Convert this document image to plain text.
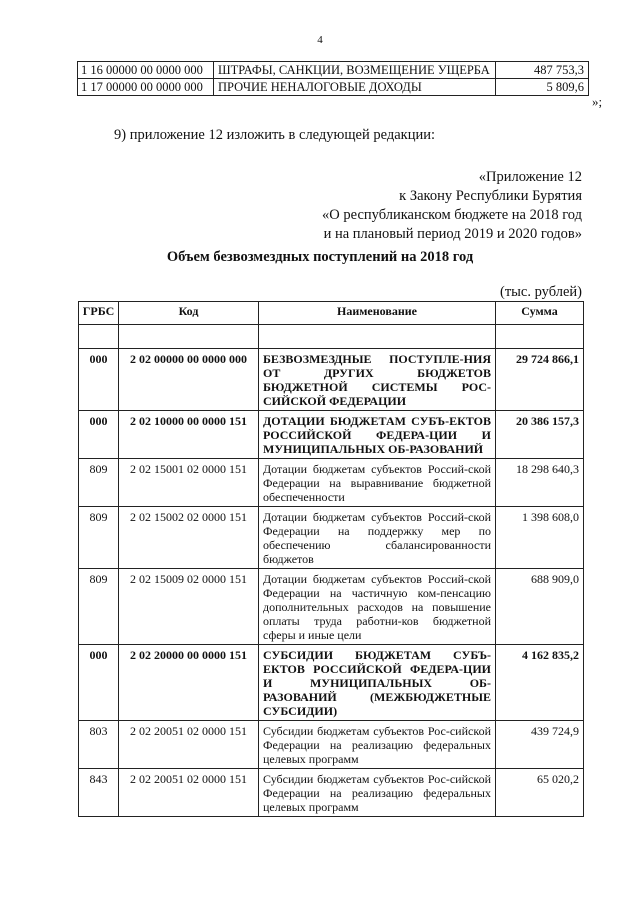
4
1 16 00000 00 0000 000	ШТРАФЫ, САНКЦИИ, ВОЗМЕЩЕНИЕ УЩЕРБА	487 753,3
1 17 00000 00 0000 000	ПРОЧИЕ НЕНАЛОГОВЫЕ ДОХОДЫ	5 809,6
»;
9) приложение 12 изложить в следующей редакции:
«Приложение 12
к Закону Республики Бурятия
«О республиканском бюджете на 2018 год
и на плановый период 2019 и 2020 годов»
Объем безвозмездных поступлений на 2018 год
(тыс. рублей)
ГРБС	Код	Наименование	Сумма

000	2 02 00000 00 0000 000	БЕЗВОЗМЕЗДНЫЕ ПОСТУПЛЕ-НИЯ ОТ ДРУГИХ БЮДЖЕТОВ БЮДЖЕТНОЙ СИСТЕМЫ РОС-СИЙСКОЙ ФЕДЕРАЦИИ	29 724 866,1
000	2 02 10000 00 0000 151	ДОТАЦИИ БЮДЖЕТАМ СУБЪ-ЕКТОВ РОССИЙСКОЙ ФЕДЕРА-ЦИИ И МУНИЦИПАЛЬНЫХ ОБ-РАЗОВАНИЙ	20 386 157,3
809	2 02 15001 02 0000 151	Дотации бюджетам субъектов Россий-ской Федерации на выравнивание бюджетной обеспеченности	18 298 640,3
809	2 02 15002 02 0000 151	Дотации бюджетам субъектов Россий-ской Федерации на поддержку мер по обеспечению сбалансированности бюджетов	1 398 608,0
809	2 02 15009 02 0000 151	Дотации бюджетам субъектов Россий-ской Федерации на частичную ком-пенсацию дополнительных расходов на повышение оплаты труда работни-ков бюджетной сферы и иные цели	688 909,0
000	2 02 20000 00 0000 151	СУБСИДИИ БЮДЖЕТАМ СУБЪ-ЕКТОВ РОССИЙСКОЙ ФЕДЕРА-ЦИИ И МУНИЦИПАЛЬНЫХ ОБ-РАЗОВАНИЙ (МЕЖБЮДЖЕТНЫЕ СУБСИДИИ)	4 162 835,2
803	2 02 20051 02 0000 151	Субсидии бюджетам субъектов Рос-сийской Федерации на реализацию федеральных целевых программ	439 724,9
843	2 02 20051 02 0000 151	Субсидии бюджетам субъектов Рос-сийской Федерации на реализацию федеральных целевых программ	65 020,2
